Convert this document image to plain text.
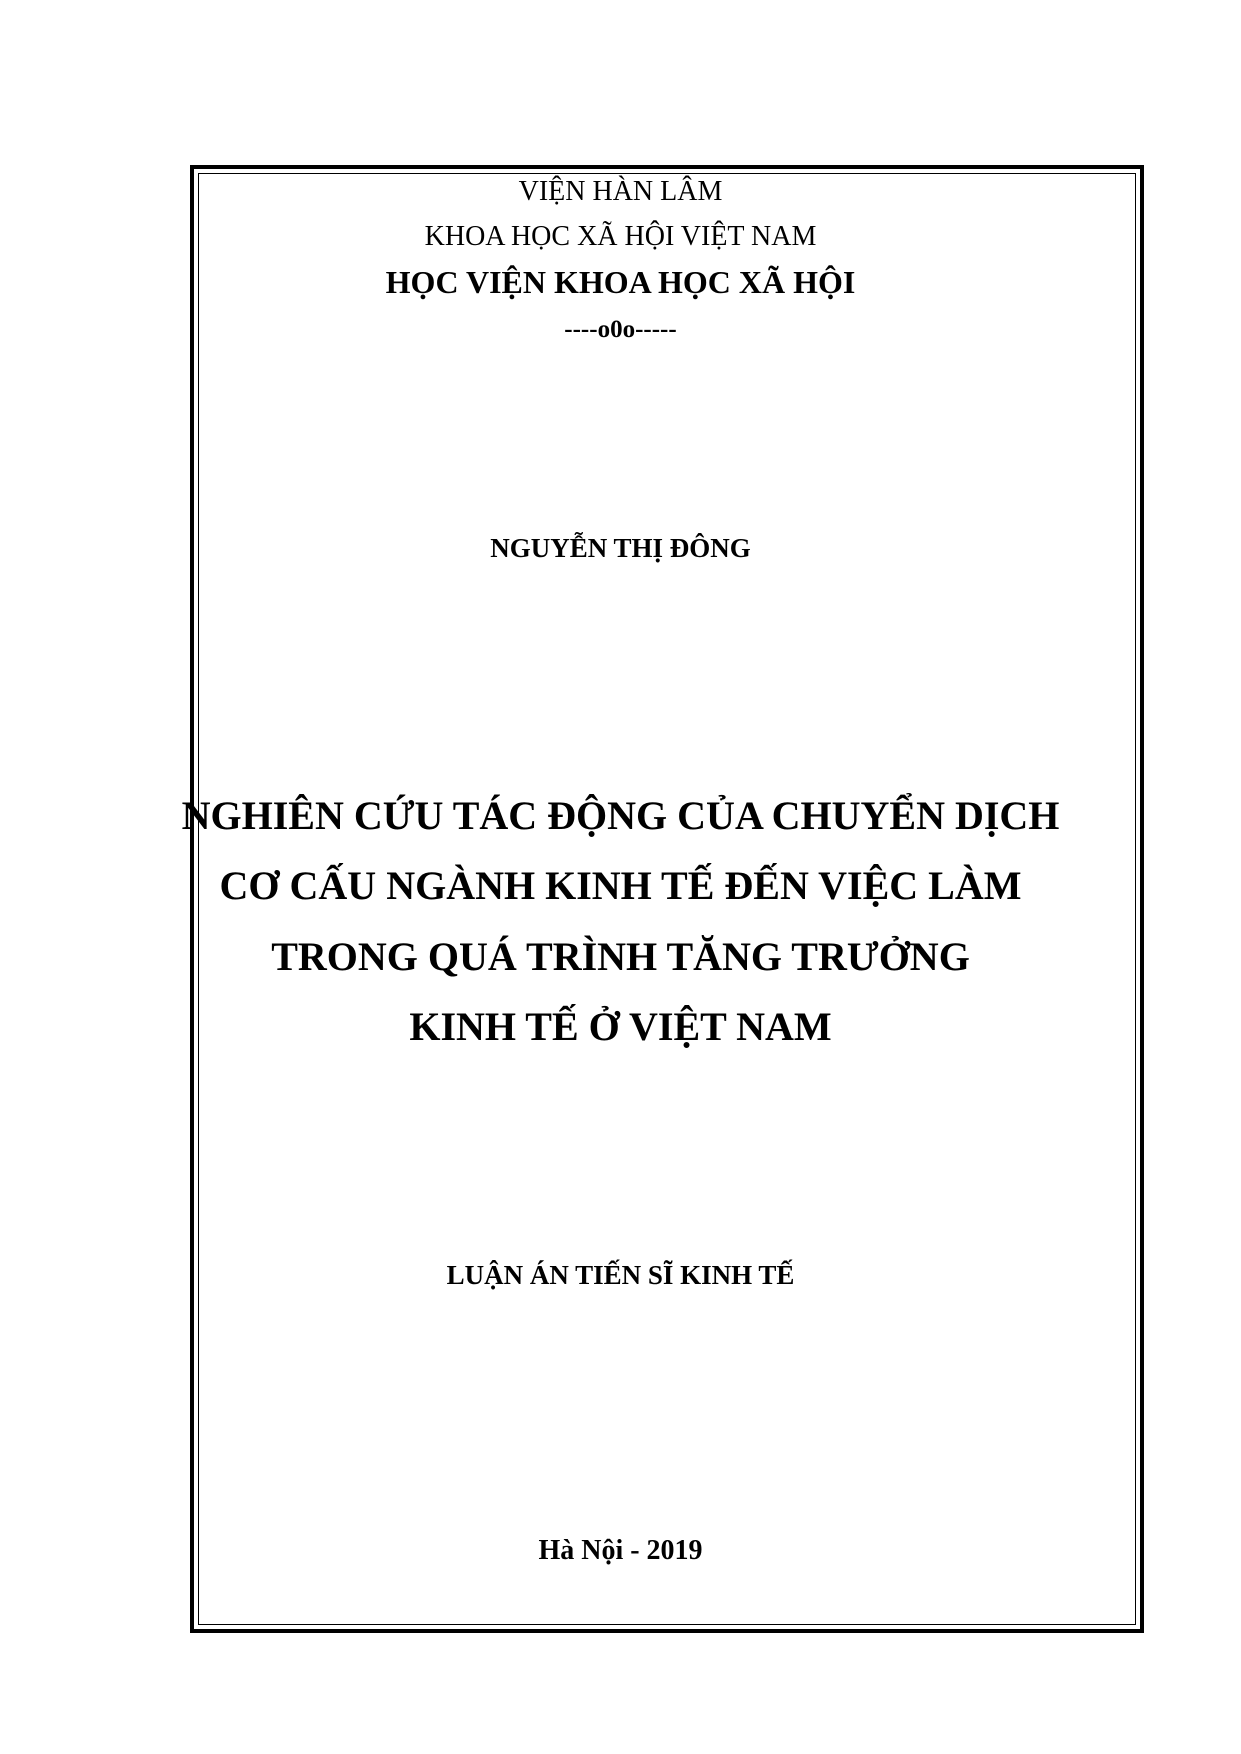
VIỆN HÀN LÂM
KHOA HỌC XÃ HỘI VIỆT NAM
HỌC VIỆN KHOA HỌC XÃ HỘI
----o0o-----
NGUYỄN THỊ ĐÔNG
NGHIÊN CỨU TÁC ĐỘNG CỦA CHUYỂN DỊCH
CƠ CẤU NGÀNH KINH TẾ ĐẾN VIỆC LÀM
TRONG QUÁ TRÌNH TĂNG TRƯỞNG
KINH TẾ Ở VIỆT NAM
LUẬN ÁN TIẾN SĨ KINH TẾ
Hà Nội - 2019
